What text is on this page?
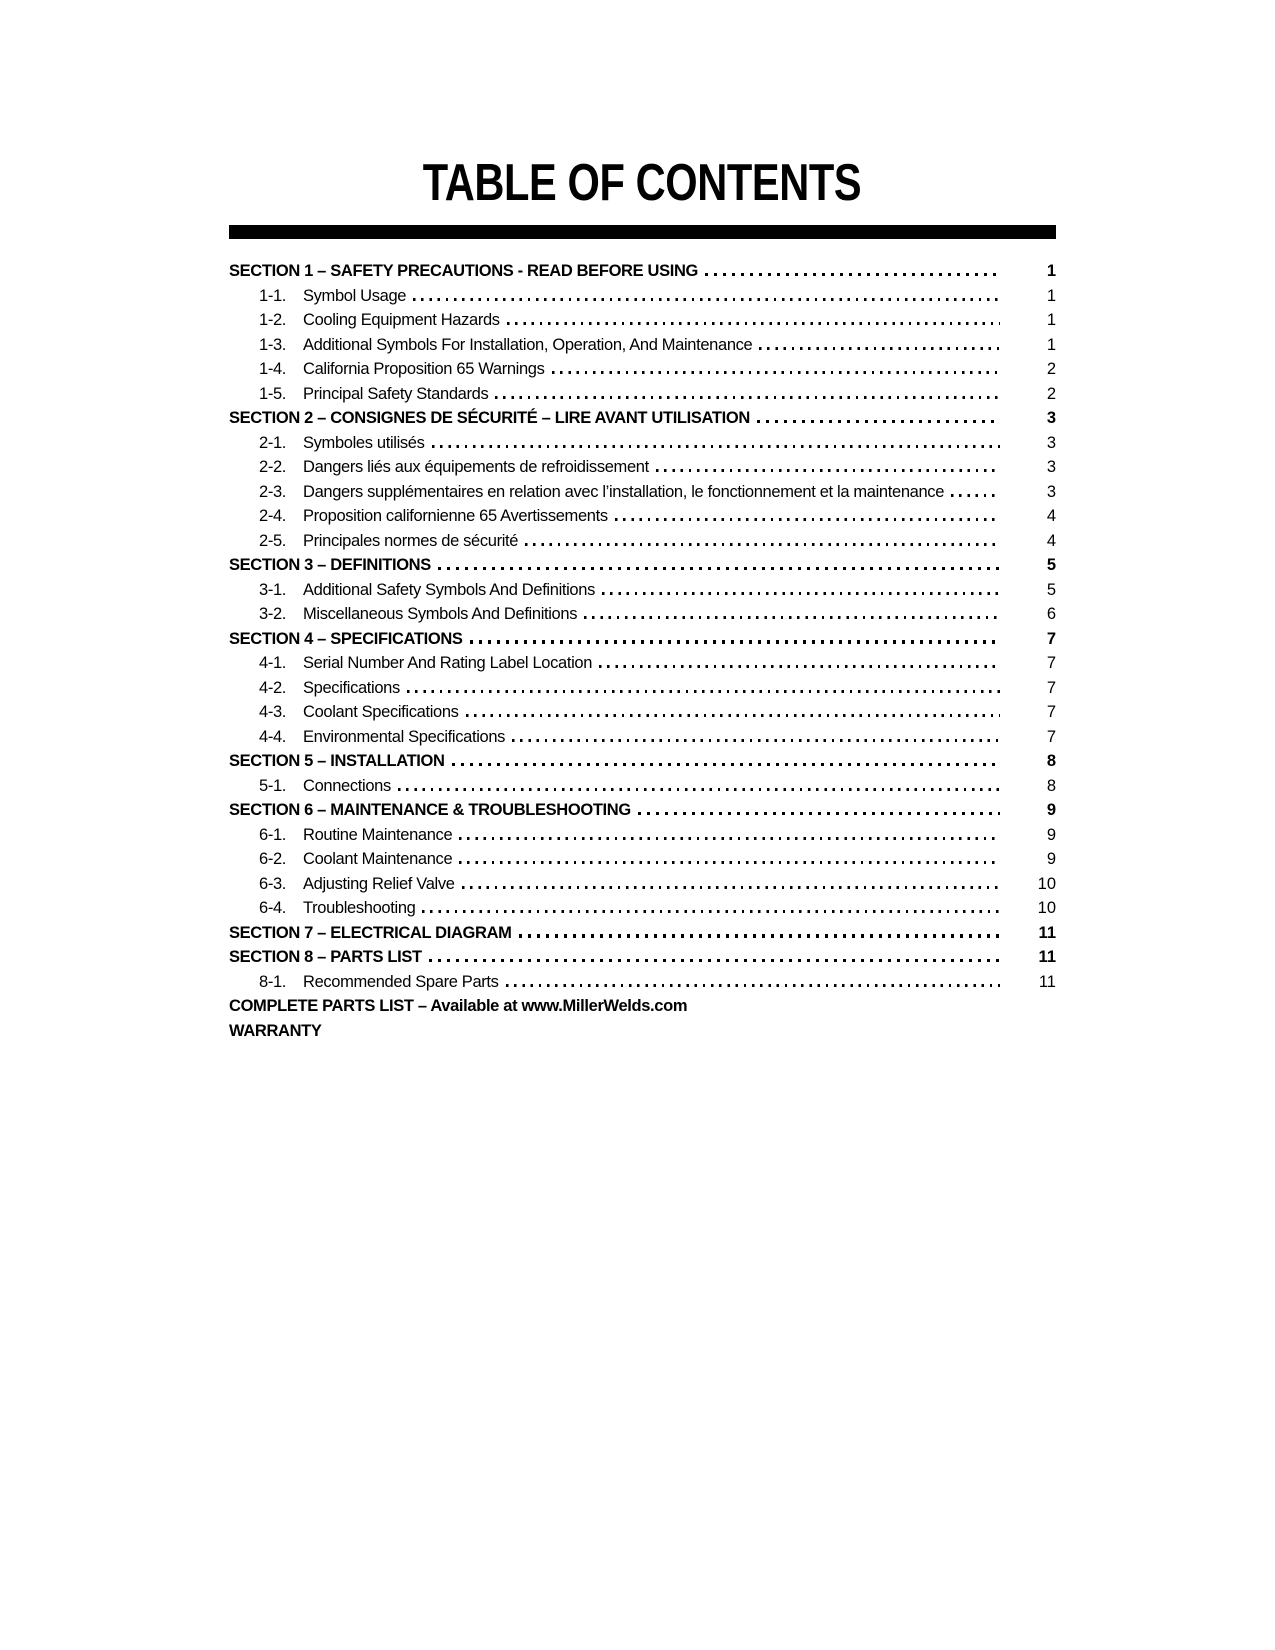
TABLE OF CONTENTS
SECTION 1 – SAFETY PRECAUTIONS - READ BEFORE USING	1
1-1.	Symbol Usage	1
1-2.	Cooling Equipment Hazards	1
1-3.	Additional Symbols For Installation, Operation, And Maintenance	1
1-4.	California Proposition 65 Warnings	2
1-5.	Principal Safety Standards	2
SECTION 2 – CONSIGNES DE SÉCURITÉ – LIRE AVANT UTILISATION	3
2-1.	Symboles utilisés	3
2-2.	Dangers liés aux équipements de refroidissement	3
2-3.	Dangers supplémentaires en relation avec l’installation, le fonctionnement et la maintenance	3
2-4.	Proposition californienne 65 Avertissements	4
2-5.	Principales normes de sécurité	4
SECTION 3 – DEFINITIONS	5
3-1.	Additional Safety Symbols And Definitions	5
3-2.	Miscellaneous Symbols And Definitions	6
SECTION 4 – SPECIFICATIONS	7
4-1.	Serial Number And Rating Label Location	7
4-2.	Specifications	7
4-3.	Coolant Specifications	7
4-4.	Environmental Specifications	7
SECTION 5 – INSTALLATION	8
5-1.	Connections	8
SECTION 6 – MAINTENANCE & TROUBLESHOOTING	9
6-1.	Routine Maintenance	9
6-2.	Coolant Maintenance	9
6-3.	Adjusting Relief Valve	10
6-4.	Troubleshooting	10
SECTION 7 – ELECTRICAL DIAGRAM	11
SECTION 8 – PARTS LIST	11
8-1.	Recommended Spare Parts	11
COMPLETE PARTS LIST – Available at www.MillerWelds.com
WARRANTY
